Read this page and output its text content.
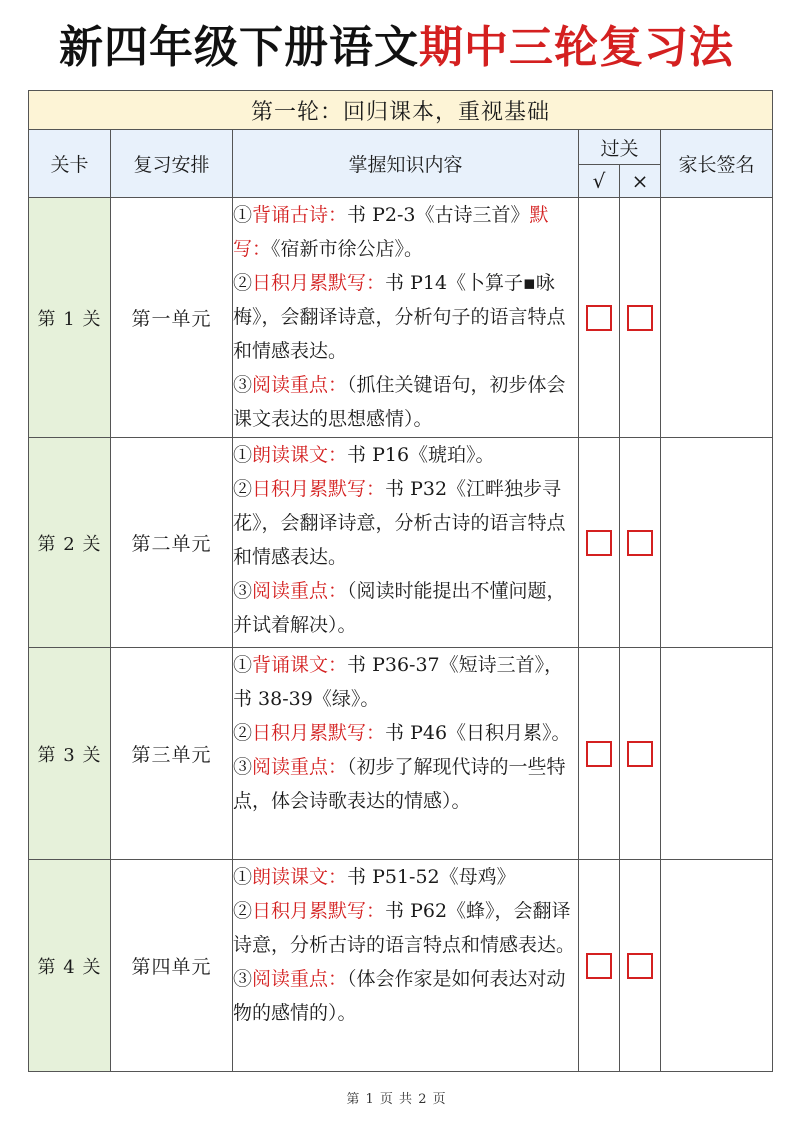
新四年级下册语文期中三轮复习法
第一轮：回归课本，重视基础					
关卡	复习安排	掌握知识内容	过关		家长签名
			√	×	
第 1 关	第一单元	①背诵古诗：书 P2-3《古诗三首》默写：《宿新市徐公店》。
②日积月累默写：书 P14《卜算子▪咏梅》，会翻译诗意，分析句子的语言特点和情感表达。
③阅读重点：（抓住关键语句，初步体会课文表达的思想感情）。			

第 2 关	第二单元	①朗读课文：书 P16《琥珀》。
②日积月累默写：书 P32《江畔独步寻花》，会翻译诗意，分析古诗的语言特点和情感表达。
③阅读重点：（阅读时能提出不懂问题，并试着解决）。			

第 3 关	第三单元	①背诵课文：书 P36-37《短诗三首》，书 38-39《绿》。
②日积月累默写：书 P46《日积月累》。
③阅读重点：（初步了解现代诗的一些特点，体会诗歌表达的情感）。			

第 4 关	第四单元	①朗读课文：书 P51-52《母鸡》
②日积月累默写：书 P62《蜂》，会翻译诗意，分析古诗的语言特点和情感表达。
③阅读重点：（体会作家是如何表达对动物的感情的）。			

第 1 页 共 2 页
